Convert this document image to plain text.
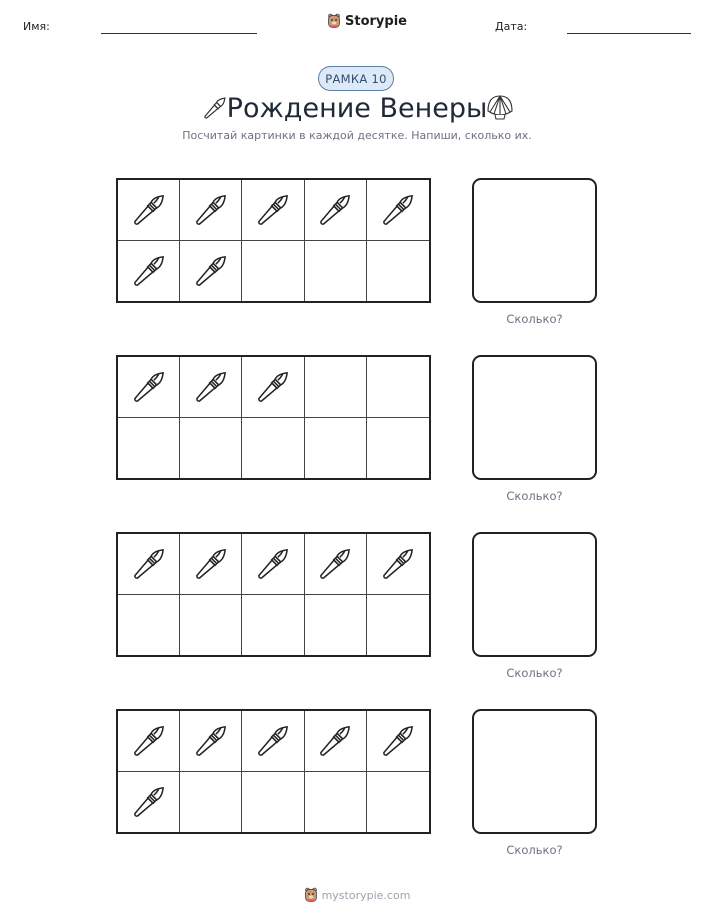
Имя:	Storypie	Дата:
РАМКА 10
Рождение Венеры
Посчитай картинки в каждой десятке. Напиши, сколько их.
Сколько?
Сколько?
Сколько?
Сколько?
mystorypie.com
